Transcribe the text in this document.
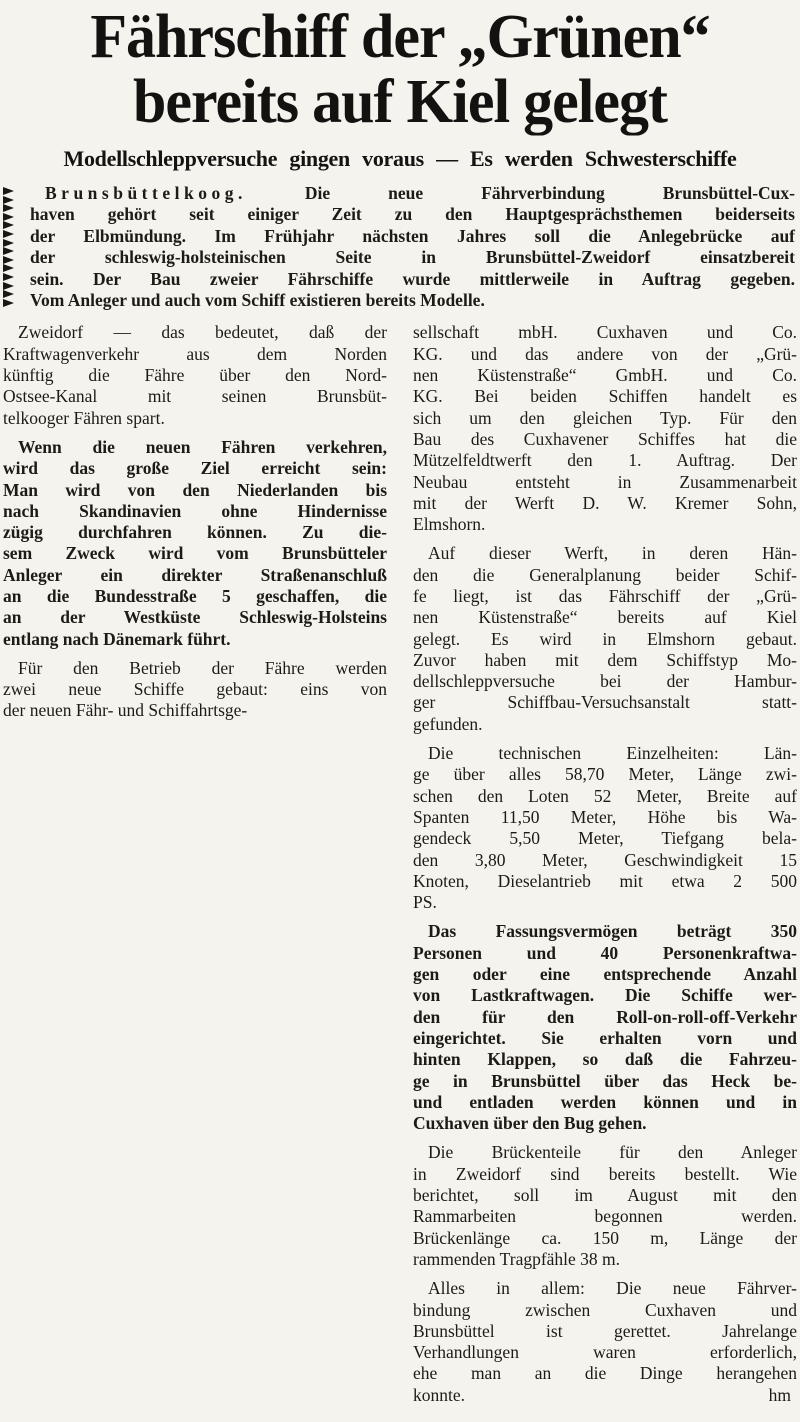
Fährschiff der „Grünen“
bereits auf Kiel gelegt
Modellschleppversuche gingen voraus — Es werden Schwesterschiffe
Brunsbüttelkoog. Die neue Fährverbindung Brunsbüttel-Cux-
haven gehört seit einiger Zeit zu den Hauptgesprächsthemen beiderseits
der Elbmündung. Im Frühjahr nächsten Jahres soll die Anlegebrücke auf
der schleswig-holsteinischen Seite in Brunsbüttel-Zweidorf einsatzbereit
sein. Der Bau zweier Fährschiffe wurde mittlerweile in Auftrag gegeben.
Vom Anleger und auch vom Schiff existieren bereits Modelle.
Zweidorf — das bedeutet, daß der
Kraftwagenverkehr aus dem Norden
künftig die Fähre über den Nord-
Ostsee-Kanal mit seinen Brunsbüt-
telkooger Fähren spart.
Wenn die neuen Fähren verkehren,
wird das große Ziel erreicht sein:
Man wird von den Niederlanden bis
nach Skandinavien ohne Hindernisse
zügig durchfahren können. Zu die-
sem Zweck wird vom Brunsbütteler
Anleger ein direkter Straßenanschluß
an die Bundesstraße 5 geschaffen, die
an der Westküste Schleswig-Holsteins
entlang nach Dänemark führt.
Für den Betrieb der Fähre werden
zwei neue Schiffe gebaut: eins von
der neuen Fähr- und Schiffahrtsge-
sellschaft mbH. Cuxhaven und Co.
KG. und das andere von der „Grü-
nen Küstenstraße“ GmbH. und Co.
KG. Bei beiden Schiffen handelt es
sich um den gleichen Typ. Für den
Bau des Cuxhavener Schiffes hat die
Mützelfeldtwerft den 1. Auftrag. Der
Neubau entsteht in Zusammenarbeit
mit der Werft D. W. Kremer Sohn,
Elmshorn.
Auf dieser Werft, in deren Hän-
den die Generalplanung beider Schif-
fe liegt, ist das Fährschiff der „Grü-
nen Küstenstraße“ bereits auf Kiel
gelegt. Es wird in Elmshorn gebaut.
Zuvor haben mit dem Schiffstyp Mo-
dellschleppversuche bei der Hambur-
ger Schiffbau-Versuchsanstalt statt-
gefunden.
Die technischen Einzelheiten: Län-
ge über alles 58,70 Meter, Länge zwi-
schen den Loten 52 Meter, Breite auf
Spanten 11,50 Meter, Höhe bis Wa-
gendeck 5,50 Meter, Tiefgang bela-
den 3,80 Meter, Geschwindigkeit 15
Knoten, Dieselantrieb mit etwa 2 500
PS.
Das Fassungsvermögen beträgt 350
Personen und 40 Personenkraftwa-
gen oder eine entsprechende Anzahl
von Lastkraftwagen. Die Schiffe wer-
den für den Roll-on-roll-off-Verkehr
eingerichtet. Sie erhalten vorn und
hinten Klappen, so daß die Fahrzeu-
ge in Brunsbüttel über das Heck be-
und entladen werden können und in
Cuxhaven über den Bug gehen.
Die Brückenteile für den Anleger
in Zweidorf sind bereits bestellt. Wie
berichtet, soll im August mit den
Rammarbeiten begonnen werden.
Brückenlänge ca. 150 m, Länge der
rammenden Tragpfähle 38 m.
Alles in allem: Die neue Fährver-
bindung zwischen Cuxhaven und
Brunsbüttel ist gerettet. Jahrelange
Verhandlungen waren erforderlich,
ehe man an die Dinge herangehen
konnte.	hm
